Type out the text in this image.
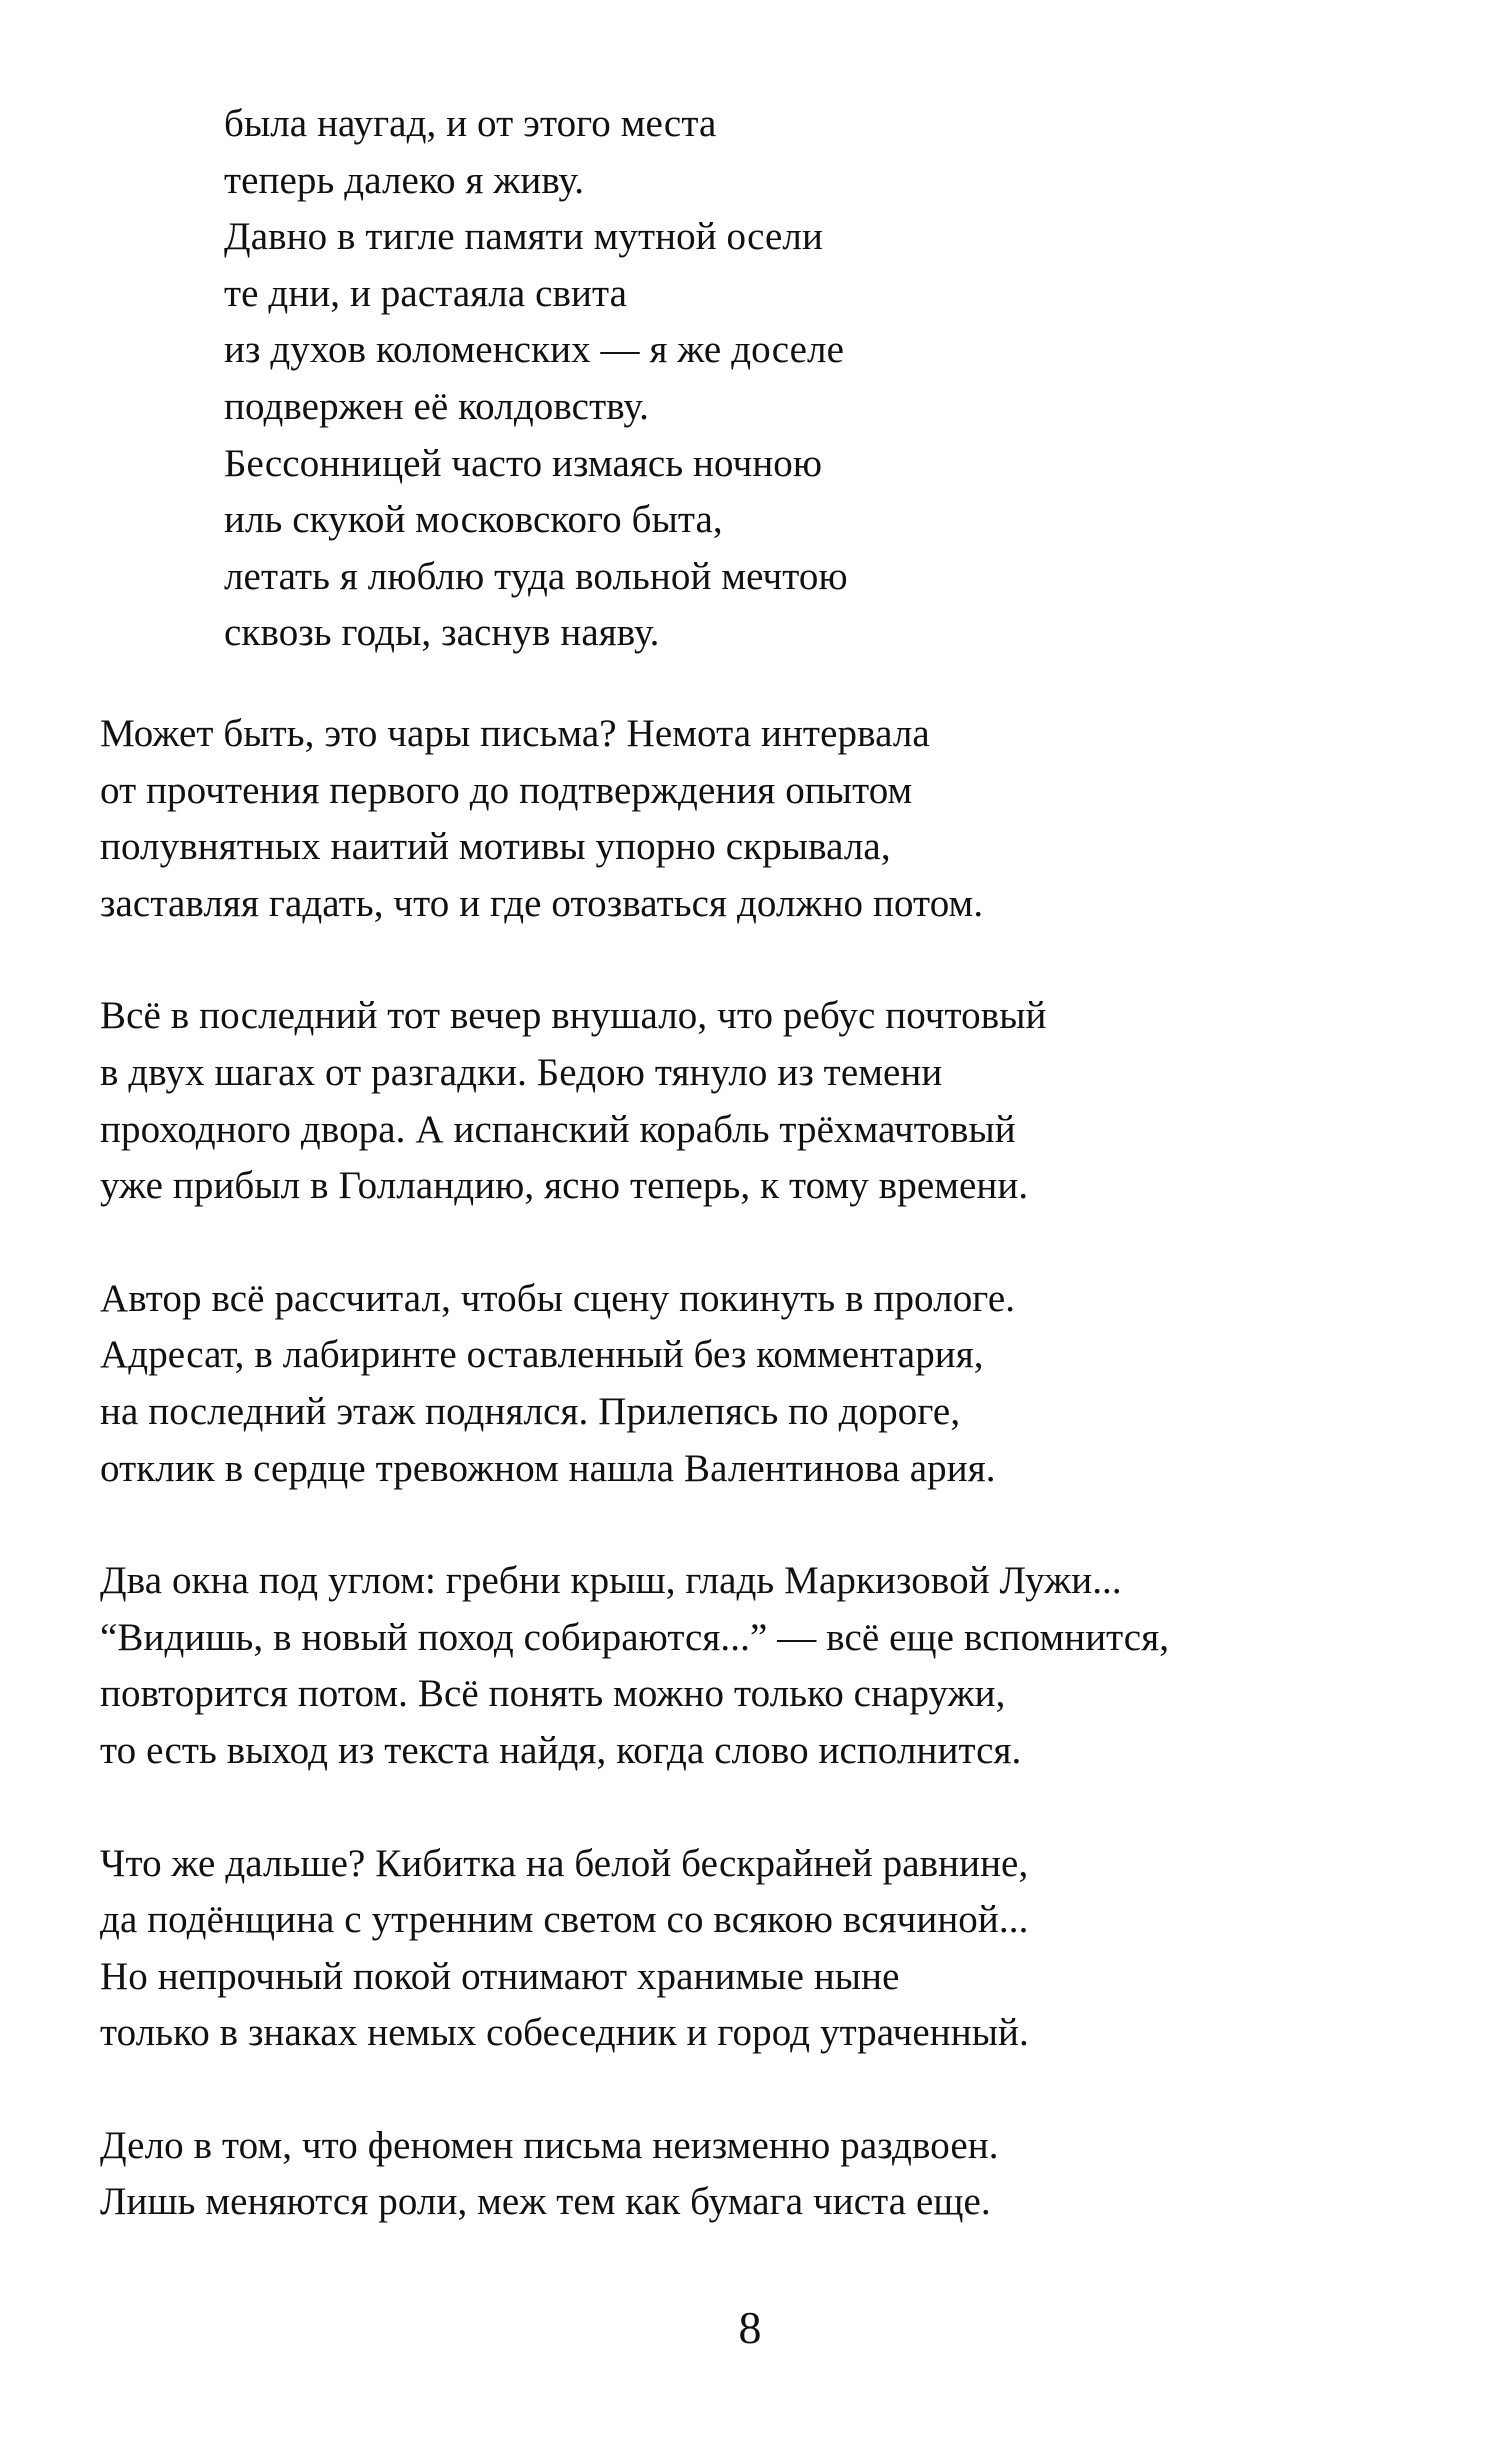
была наугад, и от этого места
теперь далеко я живу.
Давно в тигле памяти мутной осели
те дни, и растаяла свита
из духов коломенских — я же доселе
подвержен её колдовству.
Бессонницей часто измаясь ночною
иль скукой московского быта,
летать я люблю туда вольной мечтою
сквозь годы, заснув наяву.
Может быть, это чары письма? Немота интервала
от прочтения первого до подтверждения опытом
полувнятных наитий мотивы упорно скрывала,
заставляя гадать, что и где отозваться должно потом.
Всё в последний тот вечер внушало, что ребус почтовый
в двух шагах от разгадки. Бедою тянуло из темени
проходного двора. А испанский корабль трёхмачтовый
уже прибыл в Голландию, ясно теперь, к тому времени.
Автор всё рассчитал, чтобы сцену покинуть в прологе.
Адресат, в лабиринте оставленный без комментария,
на последний этаж поднялся. Прилепясь по дороге,
отклик в сердце тревожном нашла Валентинова ария.
Два окна под углом: гребни крыш, гладь Маркизовой Лужи...
“Видишь, в новый поход собираются...” — всё еще вспомнится,
повторится потом. Всё понять можно только снаружи,
то есть выход из текста найдя, когда слово исполнится.
Что же дальше? Кибитка на белой бескрайней равнине,
да подёнщина с утренним светом со всякою всячиной...
Но непрочный покой отнимают хранимые ныне
только в знаках немых собеседник и город утраченный.
Дело в том, что феномен письма неизменно раздвоен.
Лишь меняются роли, меж тем как бумага чиста еще.
8
